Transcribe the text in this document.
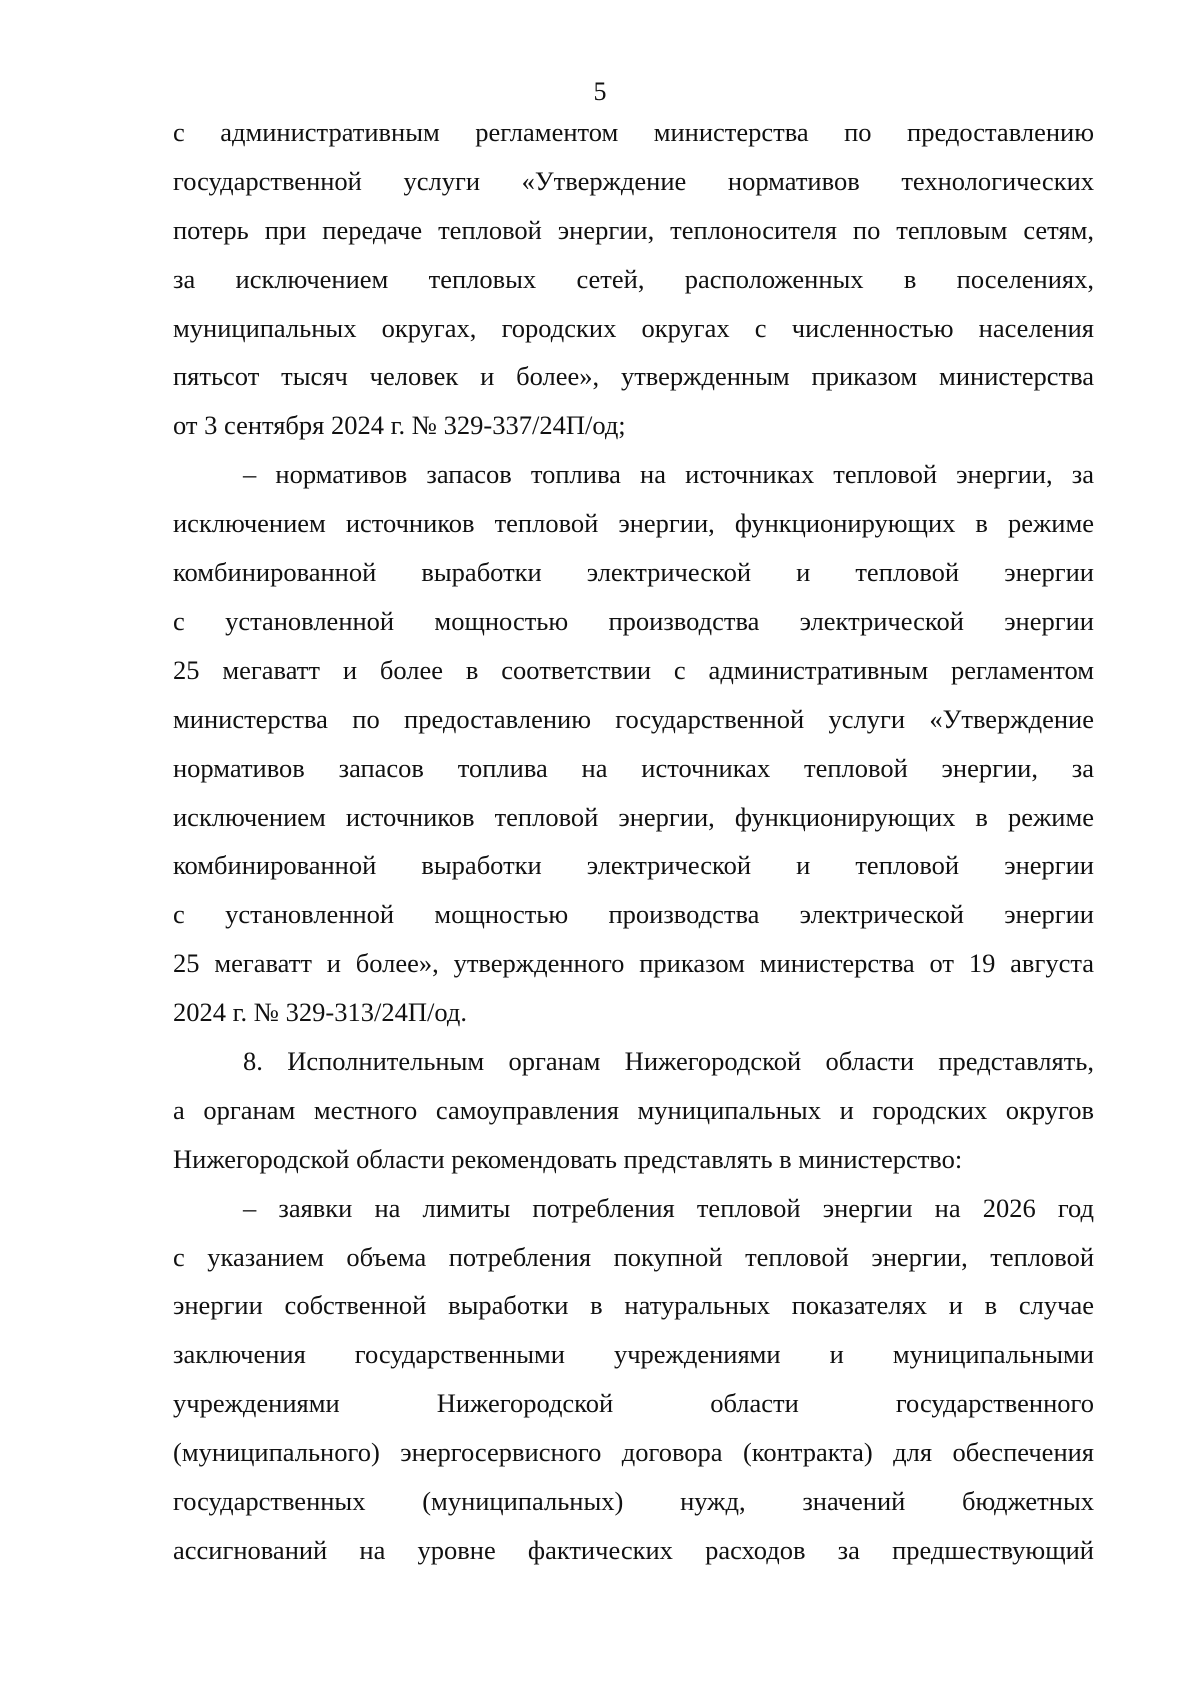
5
с административным регламентом министерства по предоставлению
государственной услуги «Утверждение нормативов технологических
потерь при передаче тепловой энергии, теплоносителя по тепловым сетям,
за исключением тепловых сетей, расположенных в поселениях,
муниципальных округах, городских округах с численностью населения
пятьсот тысяч человек и более», утвержденным приказом министерства
от 3 сентября 2024 г. № 329-337/24П/од;
– нормативов запасов топлива на источниках тепловой энергии, за
исключением источников тепловой энергии, функционирующих в режиме
комбинированной выработки электрической и тепловой энергии
с установленной мощностью производства электрической энергии
25 мегаватт и более в соответствии с административным регламентом
министерства по предоставлению государственной услуги «Утверждение
нормативов запасов топлива на источниках тепловой энергии, за
исключением источников тепловой энергии, функционирующих в режиме
комбинированной выработки электрической и тепловой энергии
с установленной мощностью производства электрической энергии
25 мегаватт и более», утвержденного приказом министерства от 19 августа
2024 г. № 329-313/24П/од.
8. Исполнительным органам Нижегородской области представлять,
а органам местного самоуправления муниципальных и городских округов
Нижегородской области рекомендовать представлять в министерство:
– заявки на лимиты потребления тепловой энергии на 2026 год
с указанием объема потребления покупной тепловой энергии, тепловой
энергии собственной выработки в натуральных показателях и в случае
заключения государственными учреждениями и муниципальными
учреждениями Нижегородской области государственного
(муниципального) энергосервисного договора (контракта) для обеспечения
государственных (муниципальных) нужд, значений бюджетных
ассигнований на уровне фактических расходов за предшествующий
